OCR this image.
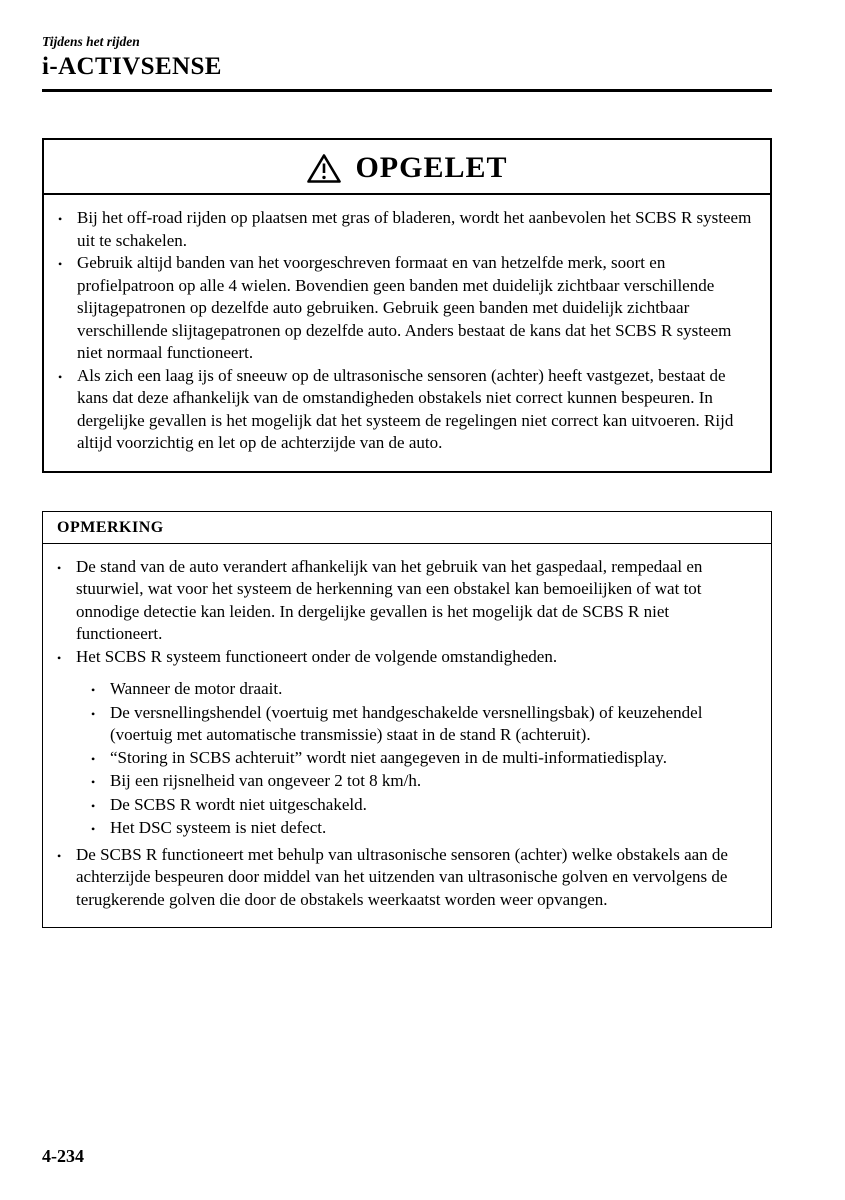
Tijdens het rijden
i-ACTIVSENSE
OPGELET
• Bij het off-road rijden op plaatsen met gras of bladeren, wordt het aanbevolen het SCBS R systeem uit te schakelen.
• Gebruik altijd banden van het voorgeschreven formaat en van hetzelfde merk, soort en profielpatroon op alle 4 wielen. Bovendien geen banden met duidelijk zichtbaar verschillende slijtagepatronen op dezelfde auto gebruiken. Gebruik geen banden met duidelijk zichtbaar verschillende slijtagepatronen op dezelfde auto. Anders bestaat de kans dat het SCBS R systeem niet normaal functioneert.
• Als zich een laag ijs of sneeuw op de ultrasonische sensoren (achter) heeft vastgezet, bestaat de kans dat deze afhankelijk van de omstandigheden obstakels niet correct kunnen bespeuren. In dergelijke gevallen is het mogelijk dat het systeem de regelingen niet correct kan uitvoeren. Rijd altijd voorzichtig en let op de achterzijde van de auto.
OPMERKING
• De stand van de auto verandert afhankelijk van het gebruik van het gaspedaal, rempedaal en stuurwiel, wat voor het systeem de herkenning van een obstakel kan bemoeilijken of wat tot onnodige detectie kan leiden. In dergelijke gevallen is het mogelijk dat de SCBS R niet functioneert.
• Het SCBS R systeem functioneert onder de volgende omstandigheden.
• Wanneer de motor draait.
• De versnellingshendel (voertuig met handgeschakelde versnellingsbak) of keuzehendel (voertuig met automatische transmissie) staat in de stand R (achteruit).
• “Storing in SCBS achteruit” wordt niet aangegeven in de multi-informatiedisplay.
• Bij een rijsnelheid van ongeveer 2 tot 8 km/h.
• De SCBS R wordt niet uitgeschakeld.
• Het DSC systeem is niet defect.
• De SCBS R functioneert met behulp van ultrasonische sensoren (achter) welke obstakels aan de achterzijde bespeuren door middel van het uitzenden van ultrasonische golven en vervolgens de terugkerende golven die door de obstakels weerkaatst worden weer opvangen.
4-234
